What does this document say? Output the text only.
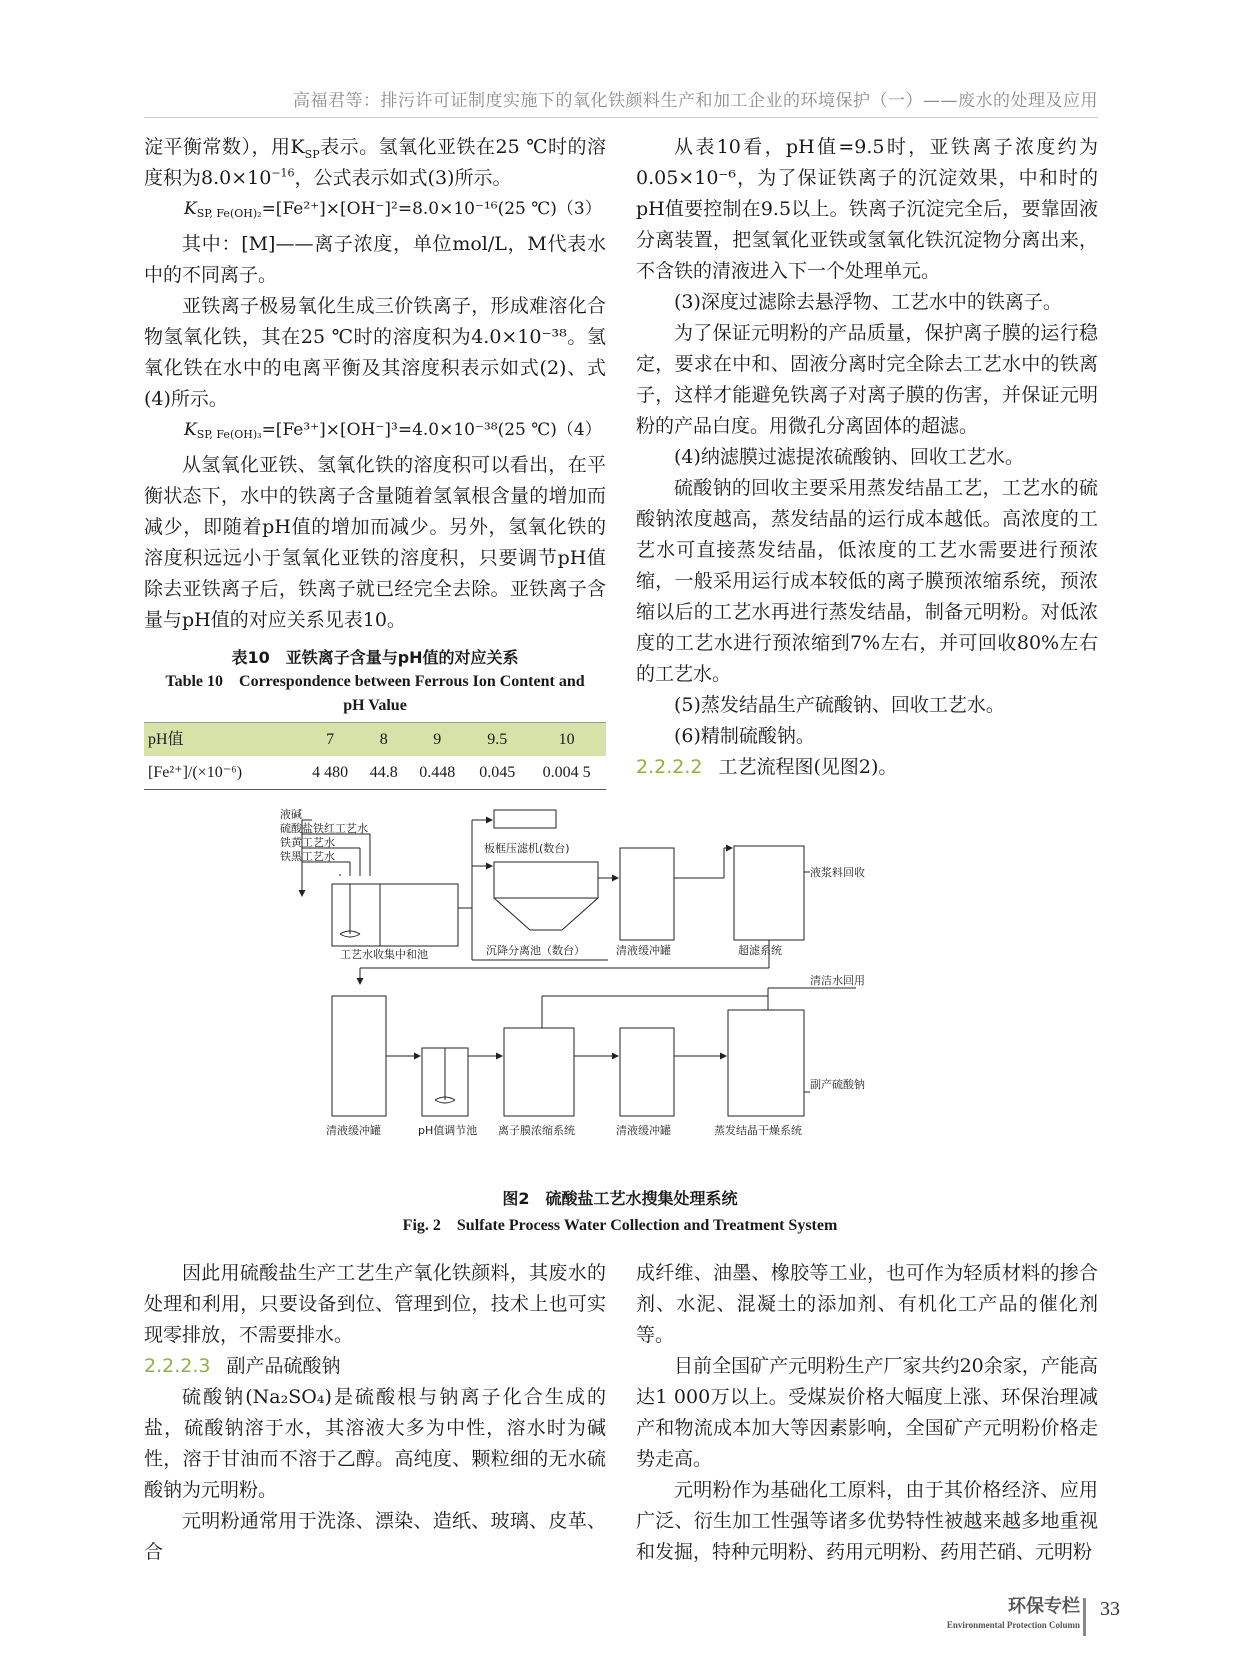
高福君等：排污许可证制度实施下的氧化铁颜料生产和加工企业的环境保护（一）——废水的处理及应用

淀平衡常数），用$K_{SP}$表示。氢氧化亚铁在25 ℃时的溶度积为$8.0\times 10^{-16}$，公式表示如式(3)所示。

$K_{SP, Fe(OH)_2}=[Fe^{2+}]\times[OH^-]^2=8.0\times 10^{-16}(25$ ℃)（3）

其中：[M]——离子浓度，单位mol/L，M代表水中的不同离子。

亚铁离子极易氧化生成三价铁离子，形成难溶化合物氢氧化铁，其在25 ℃时的溶度积为4.0×10⁻³⁸。氢氧化铁在水中的电离平衡及其溶度积表示如式(2)、式(4)所示。

$K_{SP, Fe(OH)_3}=[Fe^{3+}]\times[OH^-]^3=4.0\times 10^{-38}(25$ ℃)（4）

从氢氧化亚铁、氢氧化铁的溶度积可以看出，在平衡状态下，水中的铁离子含量随着氢氧根含量的增加而减少，即随着pH值的增加而减少。另外，氢氧化铁的溶度积远远小于氢氧化亚铁的溶度积，只要调节pH值除去亚铁离子后，铁离子就已经完全去除。亚铁离子含量与pH值的对应关系见表10。

表10　亚铁离子含量与pH值的对应关系
Table 10　Correspondence between Ferrous Ion Content and pH Value
pH值	7	8	9	9.5	10
[Fe²⁺]/(×10⁻⁶)	4 480	44.8	0.448	0.045	0.004 5

从表10看，pH值=9.5时，亚铁离子浓度约为0.05×10⁻⁶，为了保证铁离子的沉淀效果，中和时的pH值要控制在9.5以上。铁离子沉淀完全后，要靠固液分离装置，把氢氧化亚铁或氢氧化铁沉淀物分离出来，不含铁的清液进入下一个处理单元。

(3)深度过滤除去悬浮物、工艺水中的铁离子。

为了保证元明粉的产品质量，保护离子膜的运行稳定，要求在中和、固液分离时完全除去工艺水中的铁离子，这样才能避免铁离子对离子膜的伤害，并保证元明粉的产品白度。用微孔分离固体的超滤。

(4)纳滤膜过滤提浓硫酸钠、回收工艺水。

硫酸钠的回收主要采用蒸发结晶工艺，工艺水的硫酸钠浓度越高，蒸发结晶的运行成本越低。高浓度的工艺水可直接蒸发结晶，低浓度的工艺水需要进行预浓缩，一般采用运行成本较低的离子膜预浓缩系统，预浓缩以后的工艺水再进行蒸发结晶，制备元明粉。对低浓度的工艺水进行预浓缩到7%左右，并可回收80%左右的工艺水。

(5)蒸发结晶生产硫酸钠、回收工艺水。

(6)精制硫酸钠。

2.2.2.2 工艺流程图(见图2)。

液碱
硫酸盐铁红工艺水
铁黄工艺水
铁黑工艺水
工艺水收集中和池
板框压滤机(数台)
沉降分离池（数台）	清液缓冲罐	超滤系统
液浆料回收
清洁水回用
清液缓冲罐	pH值调节池 离子膜浓缩系统	清液缓冲罐	蒸发结晶干燥系统
副产硫酸钠
图2　硫酸盐工艺水搜集处理系统
Fig. 2　Sulfate Process Water Collection and Treatment System

因此用硫酸盐生产工艺生产氧化铁颜料，其废水的处理和利用，只要设备到位、管理到位，技术上也可实现零排放，不需要排水。

2.2.2.3 副产品硫酸钠

硫酸钠(Na₂SO₄)是硫酸根与钠离子化合生成的盐，硫酸钠溶于水，其溶液大多为中性，溶水时为碱性，溶于甘油而不溶于乙醇。高纯度、颗粒细的无水硫酸钠为元明粉。

元明粉通常用于洗涤、漂染、造纸、玻璃、皮革、合

成纤维、油墨、橡胶等工业，也可作为轻质材料的掺合剂、水泥、混凝土的添加剂、有机化工产品的催化剂等。

目前全国矿产元明粉生产厂家共约20余家，产能高达1 000万以上。受煤炭价格大幅度上涨、环保治理减产和物流成本加大等因素影响，全国矿产元明粉价格走势走高。

元明粉作为基础化工原料，由于其价格经济、应用广泛、衍生加工性强等诸多优势特性被越来越多地重视和发掘，特种元明粉、药用元明粉、药用芒硝、元明粉

环保专栏
Environmental Protection Column
33
